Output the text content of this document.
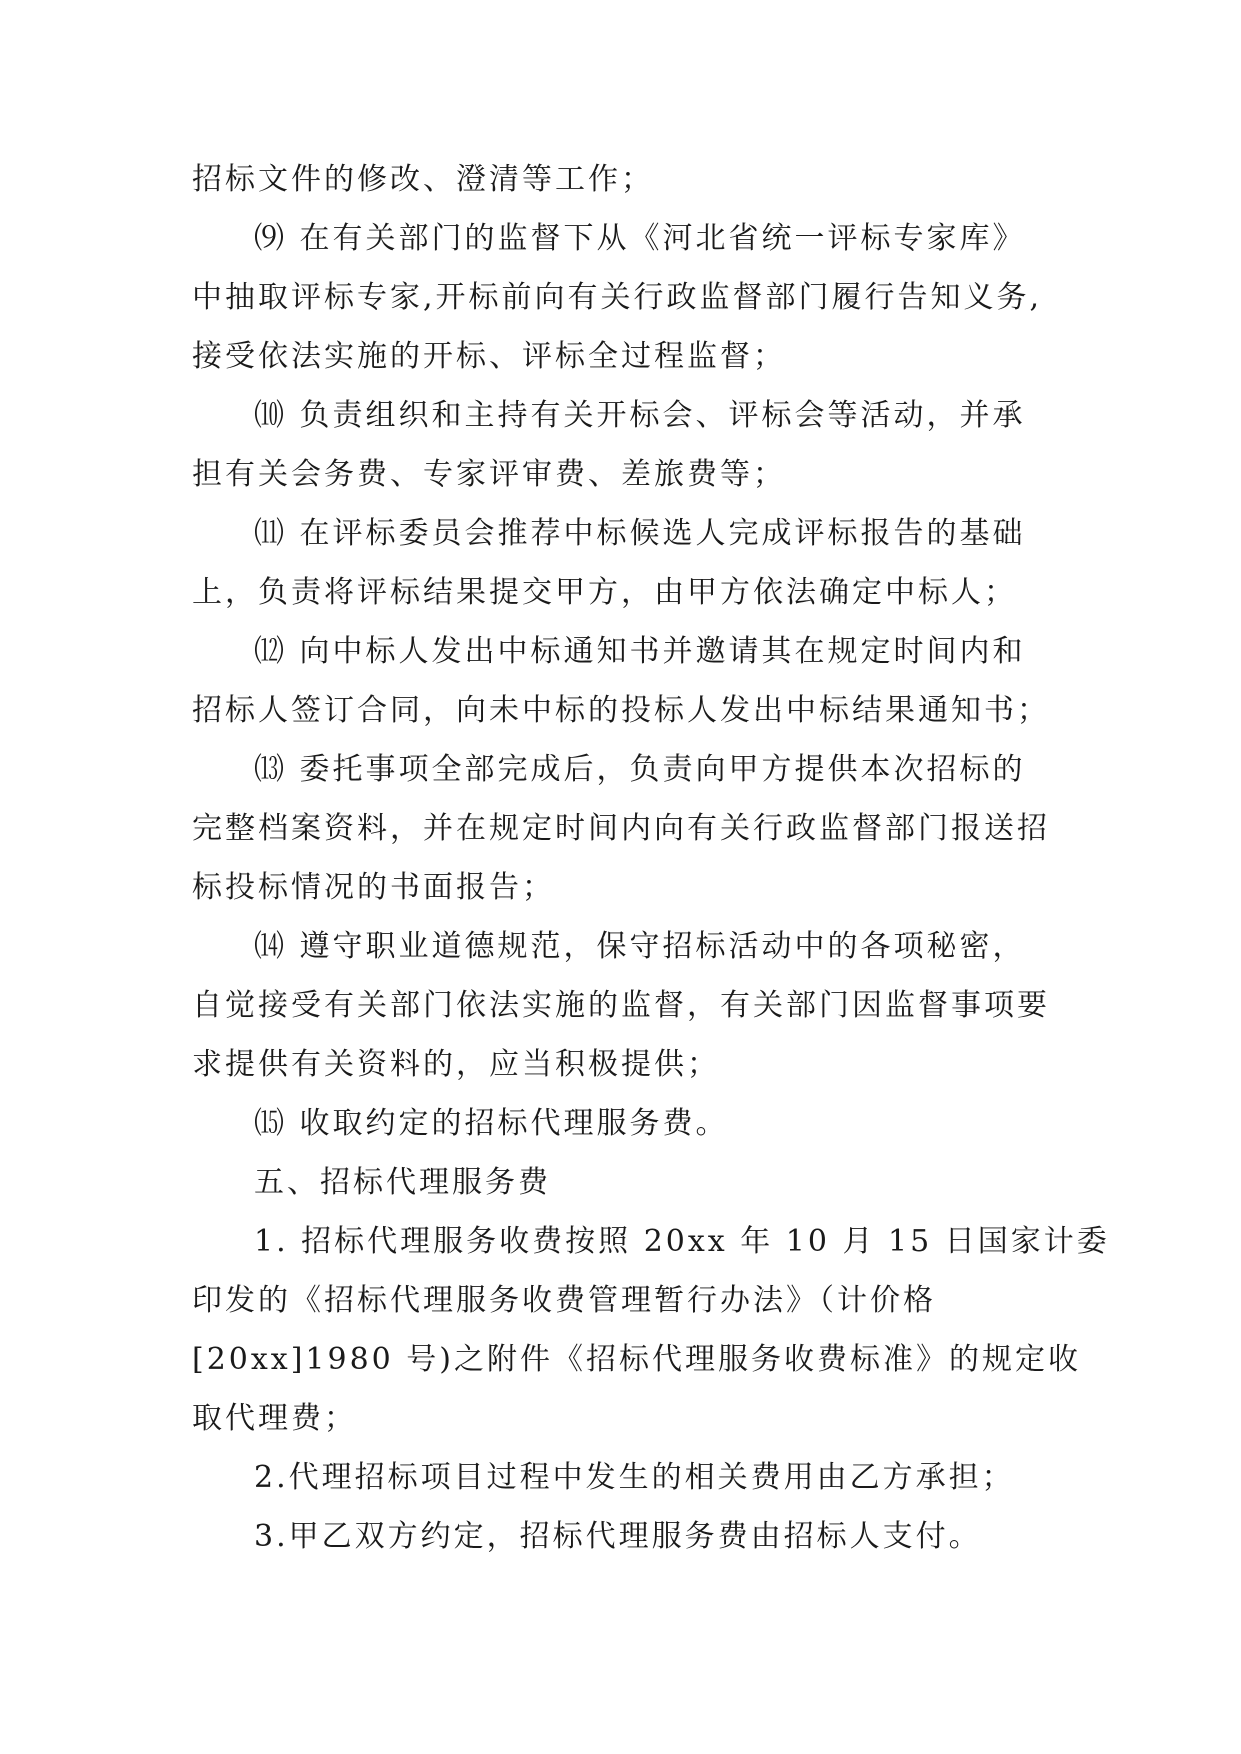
招标文件的修改、澄清等工作；
⑼ 在有关部门的监督下从《河北省统一评标专家库》
中抽取评标专家,开标前向有关行政监督部门履行告知义务,
接受依法实施的开标、评标全过程监督；
⑽ 负责组织和主持有关开标会、评标会等活动，并承
担有关会务费、专家评审费、差旅费等；
⑾ 在评标委员会推荐中标候选人完成评标报告的基础
上，负责将评标结果提交甲方，由甲方依法确定中标人；
⑿ 向中标人发出中标通知书并邀请其在规定时间内和
招标人签订合同，向未中标的投标人发出中标结果通知书；
⒀ 委托事项全部完成后，负责向甲方提供本次招标的
完整档案资料，并在规定时间内向有关行政监督部门报送招
标投标情况的书面报告；
⒁ 遵守职业道德规范，保守招标活动中的各项秘密，
自觉接受有关部门依法实施的监督，有关部门因监督事项要
求提供有关资料的，应当积极提供；
⒂ 收取约定的招标代理服务费。
五、招标代理服务费
1. 招标代理服务收费按照 20xx 年 10 月 15 日国家计委
印发的《招标代理服务收费管理暂行办法》（计价格
[20xx]1980 号)之附件《招标代理服务收费标准》的规定收
取代理费；
2.代理招标项目过程中发生的相关费用由乙方承担；
3.甲乙双方约定，招标代理服务费由招标人支付。
